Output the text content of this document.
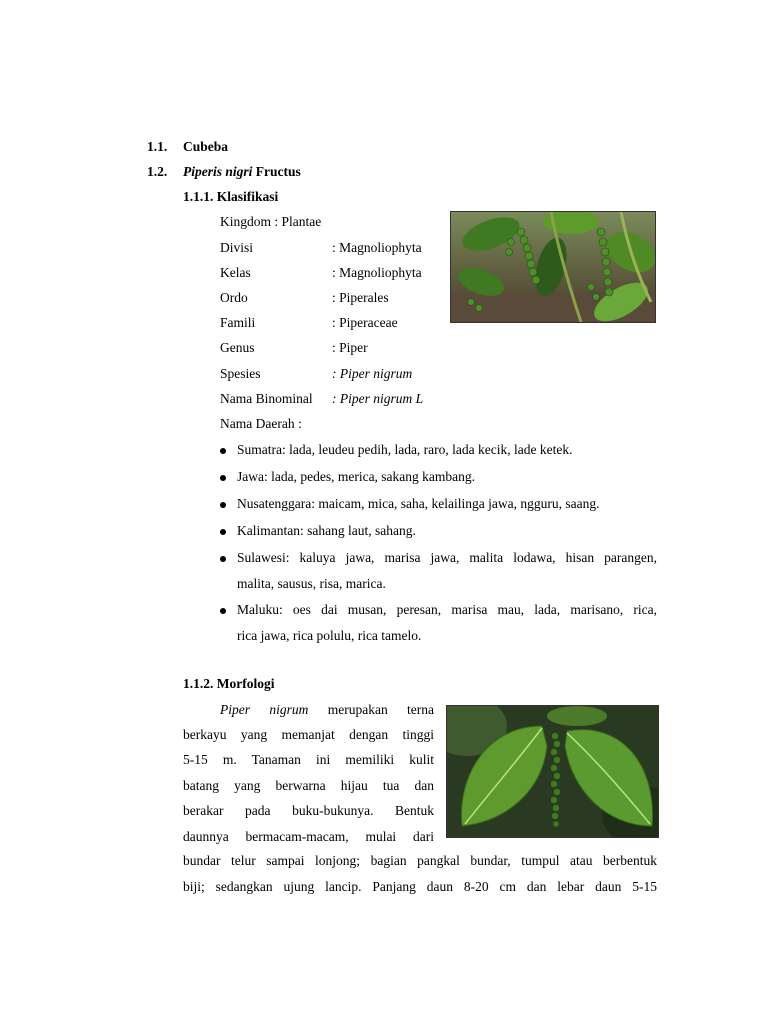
1.1. Cubeba
1.2. Piperis nigri Fructus
1.1.1. Klasifikasi
Kingdom : Plantae
Divisi	: Magnoliophyta
Kelas	: Magnoliophyta
Ordo	: Piperales
Famili	: Piperaceae
Genus	: Piper
Spesies	: Piper nigrum
Nama Binominal : Piper nigrum L
Nama Daerah :
Sumatra: lada, leudeu pedih, lada, raro, lada kecik, lade ketek.
Jawa: lada, pedes, merica, sakang kambang.
Nusatenggara: maicam, mica, saha, kelailinga jawa, ngguru, saang.
Kalimantan: sahang laut, sahang.
Sulawesi: kaluya jawa, marisa jawa, malita lodawa, hisan parangen,
malita, sausus, risa, marica.
Maluku: oes dai musan, peresan, marisa mau, lada, marisano, rica,
rica jawa, rica polulu, rica tamelo.
1.1.2. Morfologi
Piper nigrum merupakan terna
berkayu yang memanjat dengan tinggi
5-15 m. Tanaman ini memiliki kulit
batang yang berwarna hijau tua dan
berakar pada buku-bukunya. Bentuk
daunnya bermacam-macam, mulai dari
bundar telur sampai lonjong; bagian pangkal bundar, tumpul atau berbentuk
biji; sedangkan ujung lancip. Panjang daun 8-20 cm dan lebar daun 5-15
